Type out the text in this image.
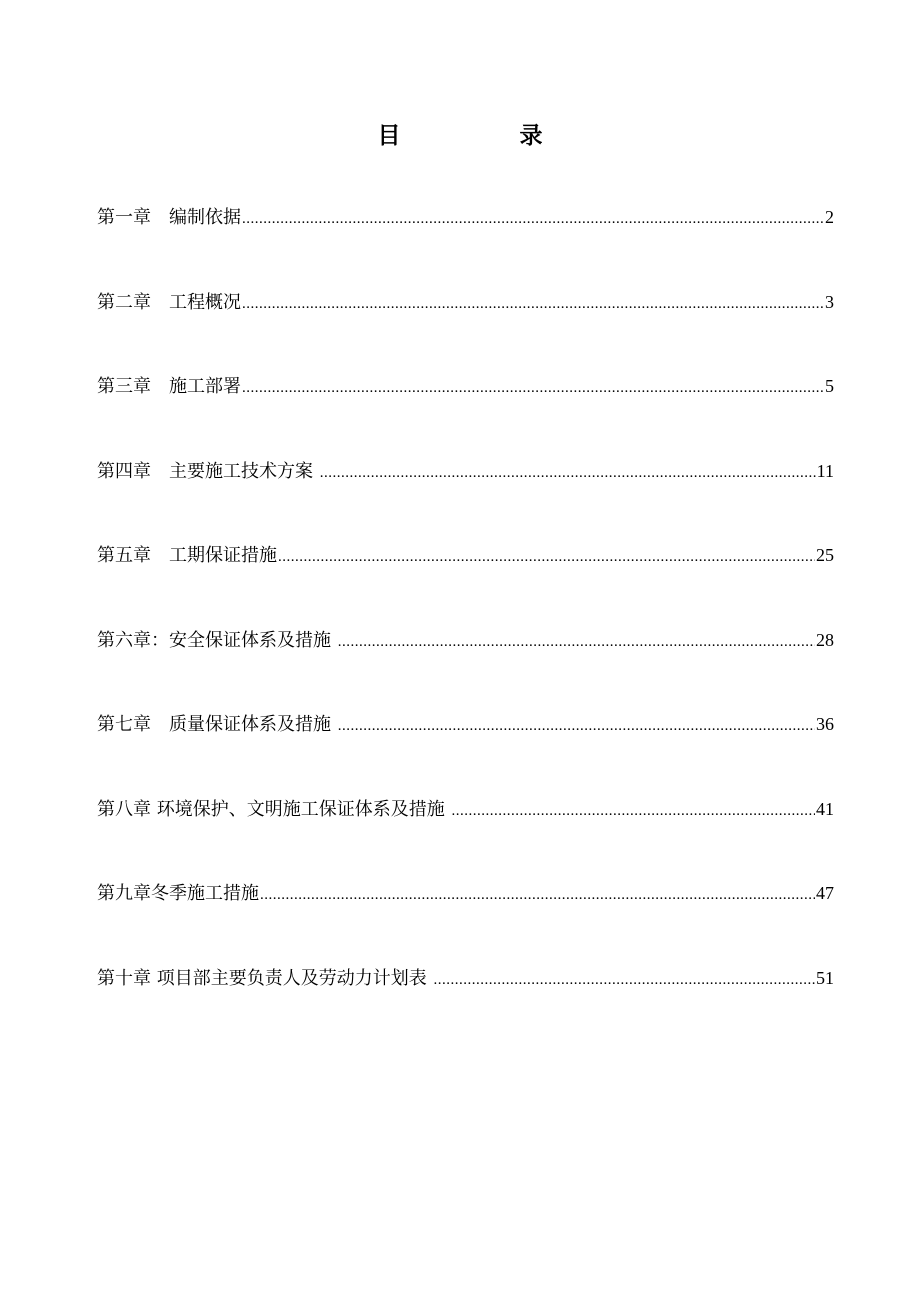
目　录
第一章　编制依据 .....	2
第二章　工程概况 .....	3
第三章　施工部署 .....	5
第四章　主要施工技术方案 .....	11
第五章　工期保证措施 .....	25
第六章：安全保证体系及措施 .....	28
第七章　质量保证体系及措施 .....	36
第八章 环境保护、文明施工保证体系及措施 .....	41
第九章冬季施工措施 .....	47
第十章 项目部主要负责人及劳动力计划表 .....	51
